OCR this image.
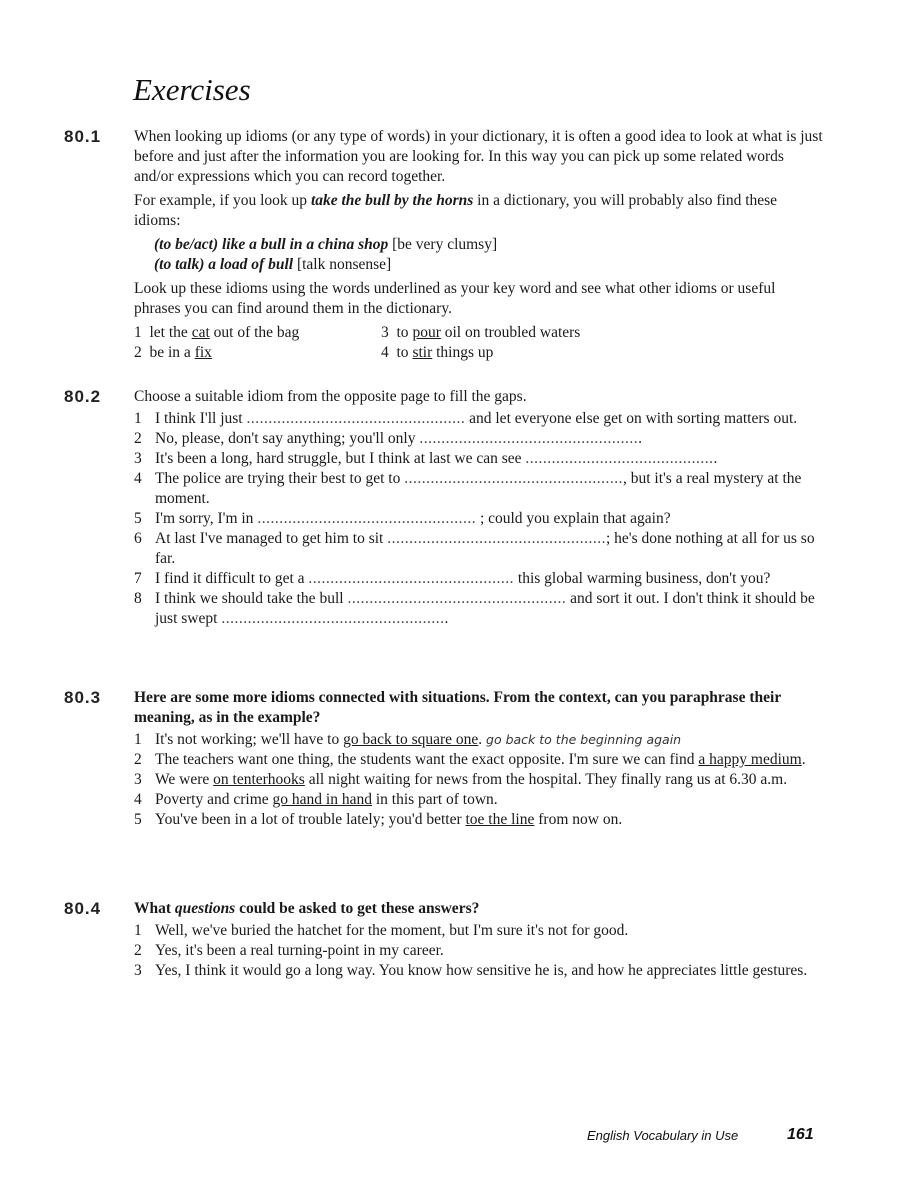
Exercises
80.1 When looking up idioms (or any type of words) in your dictionary, it is often a good idea to look at what is just before and just after the information you are looking for. In this way you can pick up some related words and/or expressions which you can record together.

For example, if you look up take the bull by the horns in a dictionary, you will probably also find these idioms:

(to be/act) like a bull in a china shop [be very clumsy]
(to talk) a load of bull [talk nonsense]

Look up these idioms using the words underlined as your key word and see what other idioms or useful phrases you can find around them in the dictionary.

1 let the cat out of the bag	3 to pour oil on troubled waters
2 be in a fix	4 to stir things up
80.2 Choose a suitable idiom from the opposite page to fill the gaps.

1 I think I'll just .................................................. and let everyone else get on with sorting matters out.
2 No, please, don't say anything; you'll only ...................................................
3 It's been a long, hard struggle, but I think at last we can see ............................................
4 The police are trying their best to get to .................................................., but it's a real mystery at the moment.
5 I'm sorry, I'm in .................................................. ; could you explain that again?
6 At last I've managed to get him to sit ..................................................; he's done nothing at all for us so far.
7 I find it difficult to get a ............................................... this global warming business, don't you?
8 I think we should take the bull .................................................. and sort it out. I don't think it should be just swept ....................................................
80.3 Here are some more idioms connected with situations. From the context, can you paraphrase their meaning, as in the example?

1 It's not working; we'll have to go back to square one. go back to the beginning again
2 The teachers want one thing, the students want the exact opposite. I'm sure we can find a happy medium.
3 We were on tenterhooks all night waiting for news from the hospital. They finally rang us at 6.30 a.m.
4 Poverty and crime go hand in hand in this part of town.
5 You've been in a lot of trouble lately; you'd better toe the line from now on.
80.4 What questions could be asked to get these answers?

1 Well, we've buried the hatchet for the moment, but I'm sure it's not for good.
2 Yes, it's been a real turning-point in my career.
3 Yes, I think it would go a long way. You know how sensitive he is, and how he appreciates little gestures.
English Vocabulary in Use	161
